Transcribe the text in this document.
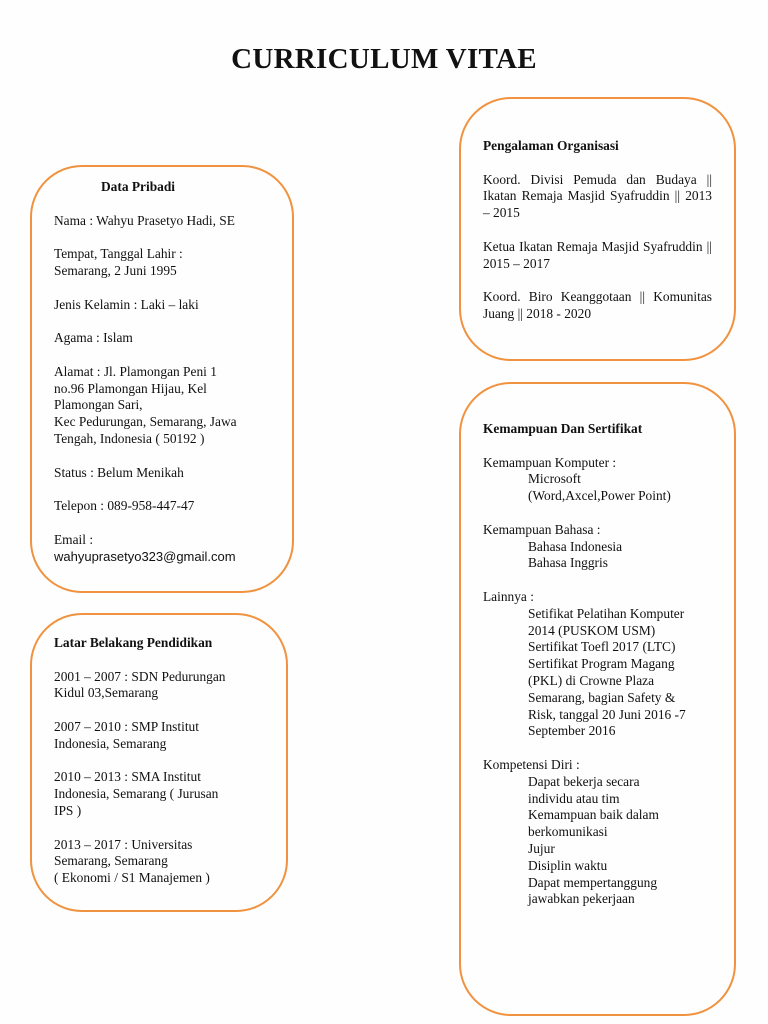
CURRICULUM VITAE

Data Pribadi

Nama : Wahyu Prasetyo Hadi, SE

Tempat, Tanggal Lahir :

Semarang, 2 Juni 1995

Jenis Kelamin : Laki – laki

Agama : Islam

Alamat : Jl. Plamongan Peni 1

no.96 Plamongan Hijau, Kel

Plamongan Sari,

Kec Pedurungan, Semarang, Jawa

Tengah, Indonesia ( 50192 )

Status : Belum Menikah

Telepon : 089-958-447-47

Email :

wahyuprasetyo323@gmail.com

Latar Belakang Pendidikan

2001 – 2007 : SDN Pedurungan

Kidul 03,Semarang

2007 – 2010 : SMP Institut

Indonesia, Semarang

2010 – 2013 : SMA Institut

Indonesia, Semarang ( Jurusan

IPS )

2013 – 2017 : Universitas

Semarang, Semarang

( Ekonomi / S1 Manajemen )

Pengalaman Organisasi

Koord. Divisi Pemuda dan Budaya || Ikatan Remaja Masjid Syafruddin || 2013 – 2015

Ketua Ikatan Remaja Masjid Syafruddin || 2015 – 2017

Koord. Biro Keanggotaan || Komunitas Juang || 2018 - 2020

Kemampuan Dan Sertifikat

Kemampuan Komputer :

Microsoft
(Word,Axcel,Power Point)

Kemampuan Bahasa :

Bahasa Indonesia
Bahasa Inggris

Lainnya :

Setifikat Pelatihan Komputer
2014 (PUSKOM USM)
Sertifikat Toefl 2017 (LTC)
Sertifikat Program Magang
(PKL) di Crowne Plaza
Semarang, bagian Safety &
Risk, tanggal 20 Juni 2016 -7
September 2016

Kompetensi Diri :

Dapat bekerja secara
individu atau tim
Kemampuan baik dalam
berkomunikasi
Jujur
Disiplin waktu
Dapat mempertanggung
jawabkan pekerjaan
